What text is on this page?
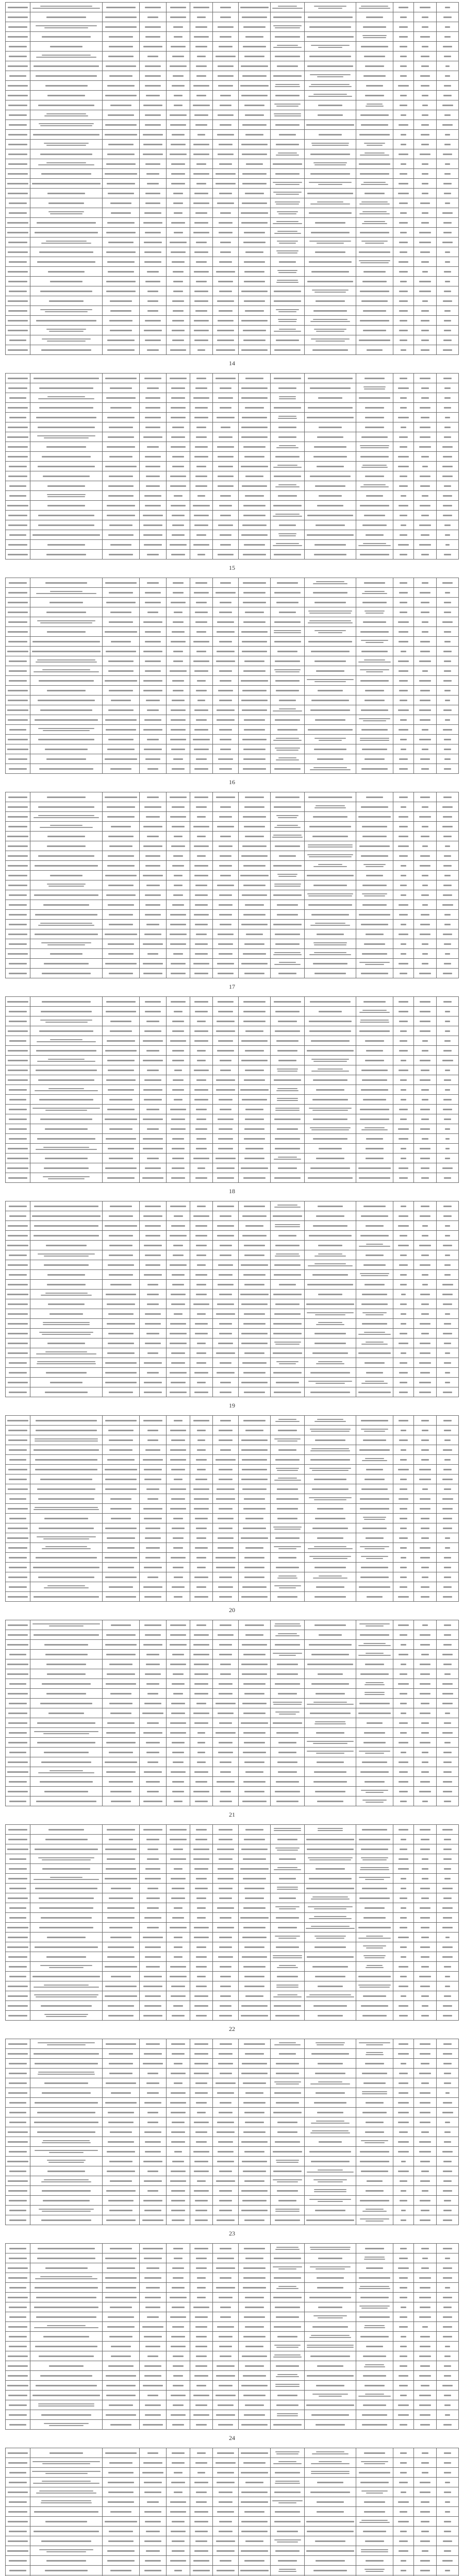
14
15
16
17
18
19
20
21
22
23
24
